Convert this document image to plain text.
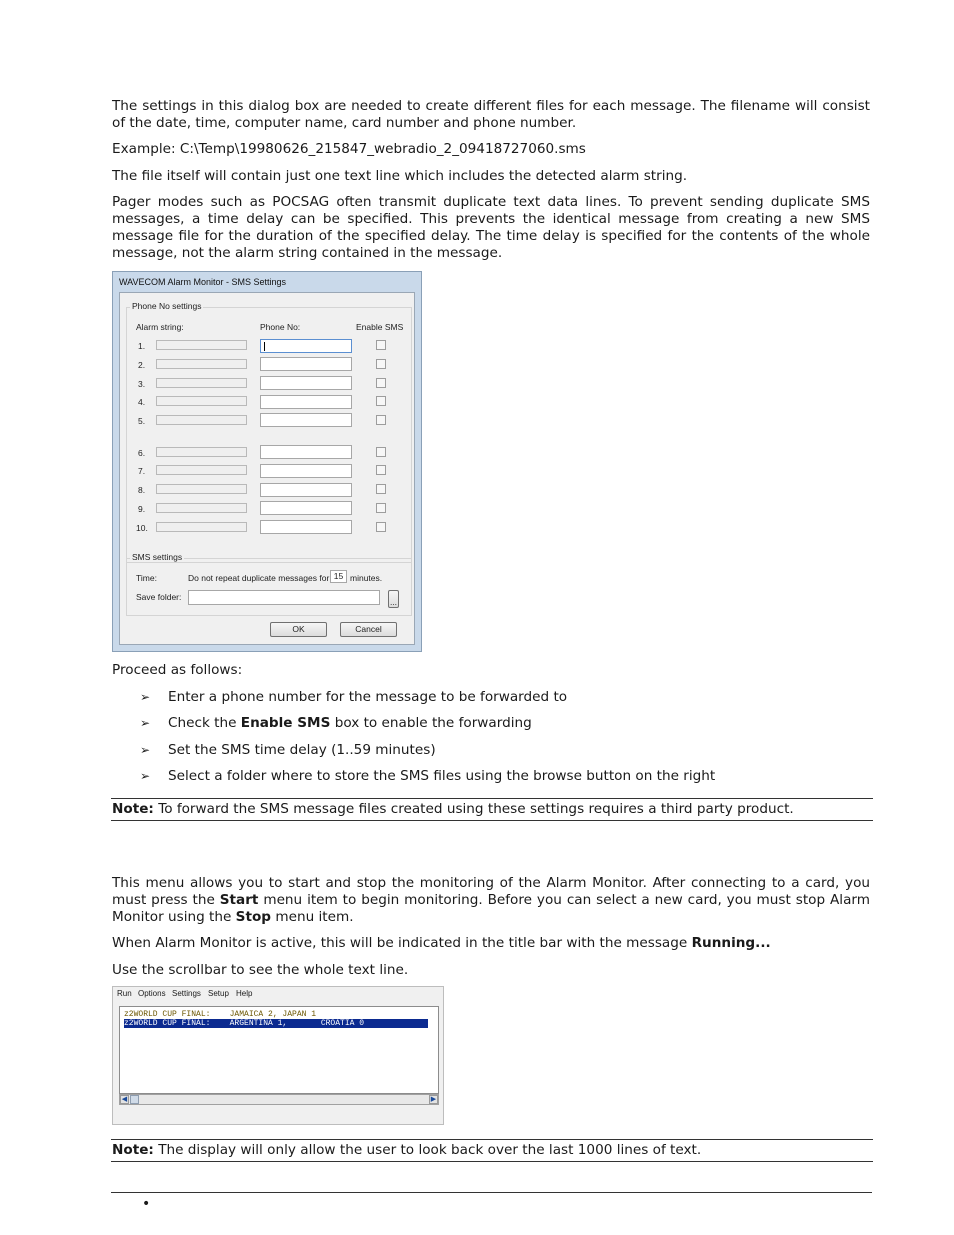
The settings in this dialog box are needed to create different files for each message. The filename will consist of the date, time, computer name, card number and phone number.

Example: C:\Temp\19980626_215847_webradio_2_09418727060.sms

The file itself will contain just one text line which includes the detected alarm string.

Pager modes such as POCSAG often transmit duplicate text data lines. To prevent sending duplicate SMS messages, a time delay can be specified. This prevents the identical message from creating a new SMS message file for the duration of the specified delay. The time delay is specified for the contents of the whole message, not the alarm string contained in the message.

WAVECOM Alarm Monitor - SMS Settings
Phone No settings
Alarm string:	Phone No:	Enable SMS
1.
2.
3.
4.
5.
6.
7.
8.
9.
10.
SMS settings
Time:	Do not repeat duplicate messages for 15 minutes.
Save folder:	...
OK	Cancel

Proceed as follows:

➢ Enter a phone number for the message to be forwarded to
➢ Check the Enable SMS box to enable the forwarding
➢ Set the SMS time delay (1..59 minutes)
➢ Select a folder where to store the SMS files using the browse button on the right
Note: To forward the SMS message files created using these settings requires a third party product.

This menu allows you to start and stop the monitoring of the Alarm Monitor. After connecting to a card, you must press the Start menu item to begin monitoring. Before you can select a new card, you must stop Alarm Monitor using the Stop menu item.

When Alarm Monitor is active, this will be indicated in the title bar with the message Running...

Use the scrollbar to see the whole text line.

Run Options Settings Setup Help
z2WORLD CUP FINAL:    JAMAICA 2, JAPAN 1
z2WORLD CUP FINAL:    ARGENTINA 1,       CROATIA 0
◀	▶
Note: The display will only allow the user to look back over the last 1000 lines of text.
•
